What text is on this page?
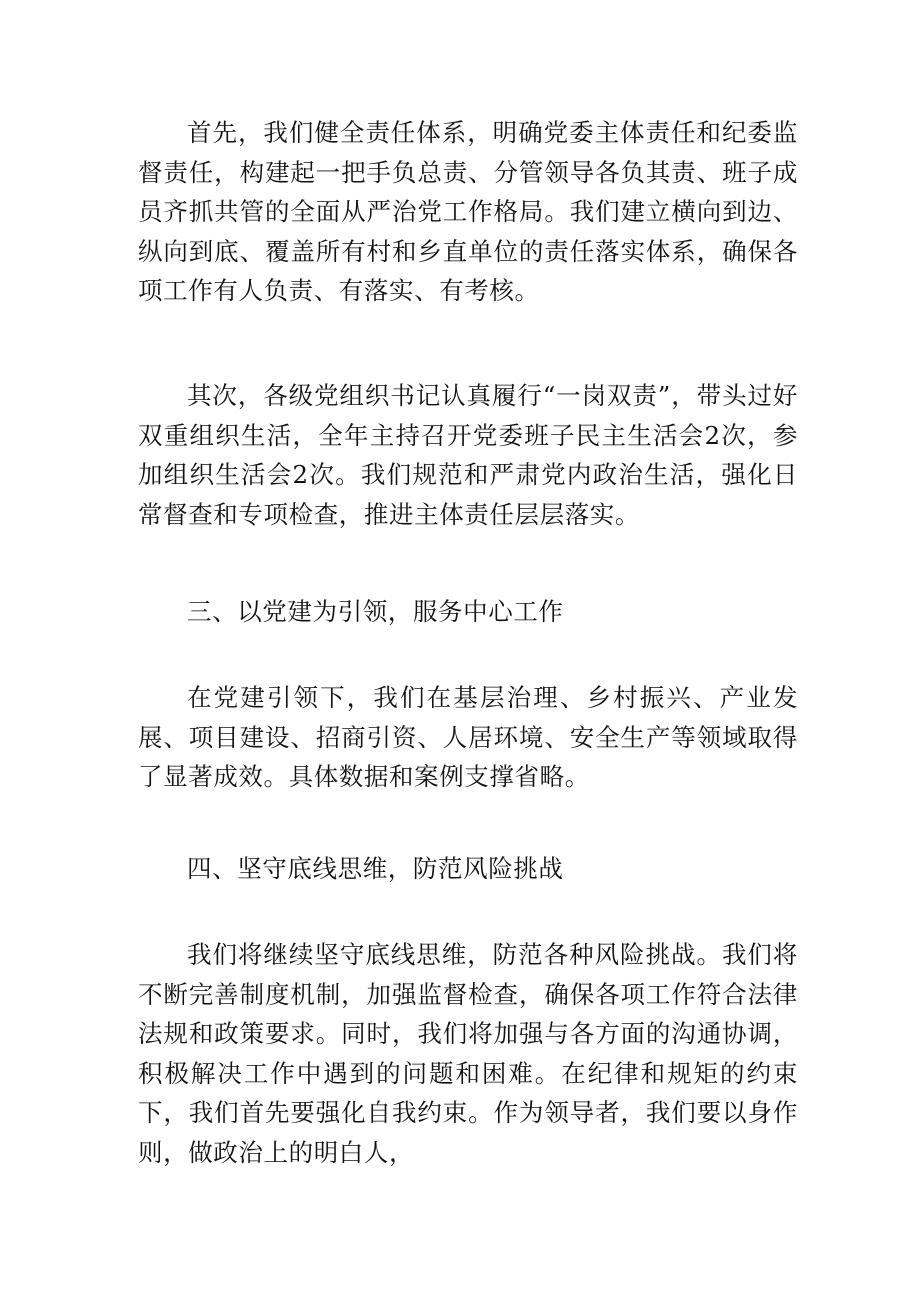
首先，我们健全责任体系，明确党委主体责任和纪委监督责任，构建起一把手负总责、分管领导各负其责、班子成员齐抓共管的全面从严治党工作格局。我们建立横向到边、纵向到底、覆盖所有村和乡直单位的责任落实体系，确保各项工作有人负责、有落实、有考核。

其次，各级党组织书记认真履行“一岗双责”，带头过好双重组织生活，全年主持召开党委班子民主生活会2次，参加组织生活会2次。我们规范和严肃党内政治生活，强化日常督查和专项检查，推进主体责任层层落实。

三、以党建为引领，服务中心工作

在党建引领下，我们在基层治理、乡村振兴、产业发展、项目建设、招商引资、人居环境、安全生产等领域取得了显著成效。具体数据和案例支撑省略。

四、坚守底线思维，防范风险挑战

我们将继续坚守底线思维，防范各种风险挑战。我们将不断完善制度机制，加强监督检查，确保各项工作符合法律法规和政策要求。同时，我们将加强与各方面的沟通协调，积极解决工作中遇到的问题和困难。在纪律和规矩的约束下，我们首先要强化自我约束。作为领导者，我们要以身作则，做政治上的明白人，
